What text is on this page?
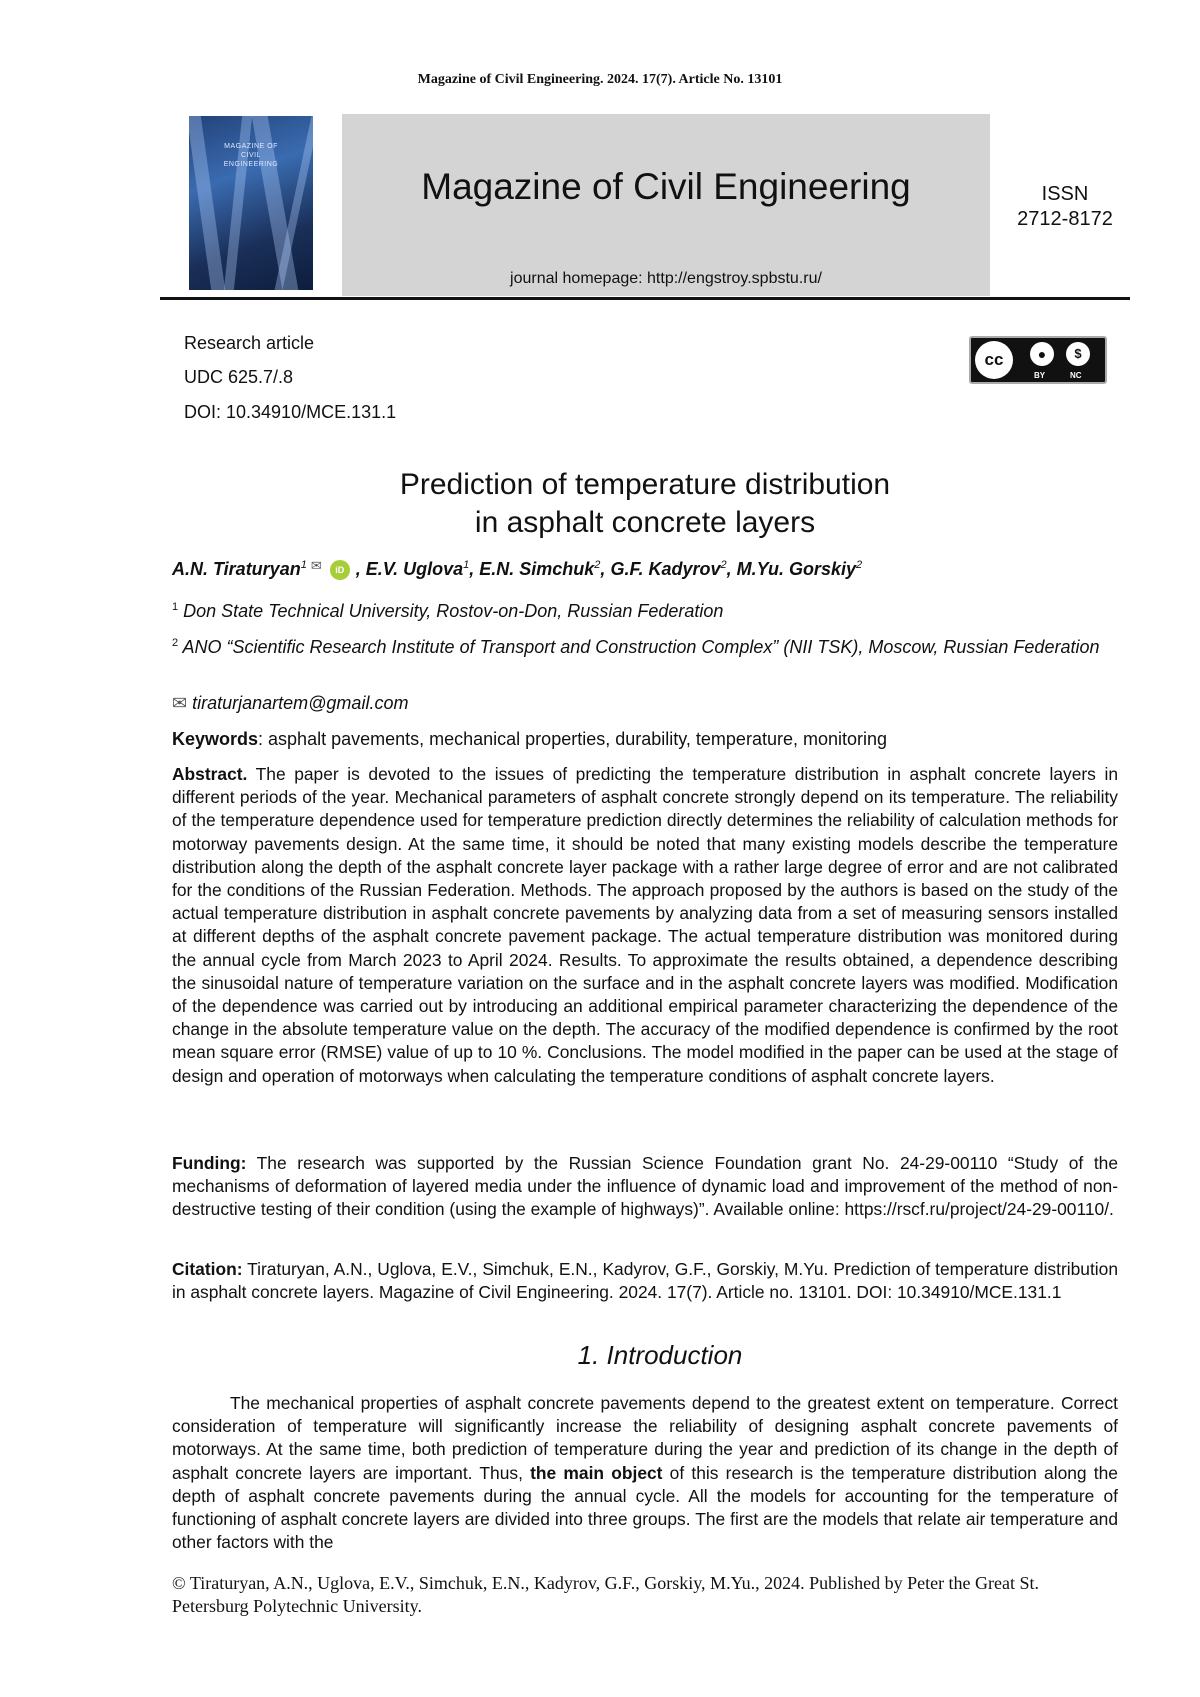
Magazine of Civil Engineering. 2024. 17(7). Article No. 13101
MAGAZINE OF CIVIL ENGINEERING
Magazine of Civil Engineering
journal homepage: http://engstroy.spbstu.ru/
ISSN
2712-8172
Research article
UDC 625.7/.8
DOI: 10.34910/MCE.131.1
cc	●	$
BY	NC
Prediction of temperature distribution
in asphalt concrete layers
A.N. Tiraturyan$^1$ ✉ iD , E.V. Uglova$^1$, E.N. Simchuk$^2$, G.F. Kadyrov$^2$, M.Yu. Gorskiy$^2$
$^1$ Don State Technical University, Rostov-on-Don, Russian Federation
$^2$ ANO “Scientific Research Institute of Transport and Construction Complex” (NII TSK), Moscow, Russian Federation
✉ tiraturjanartem@gmail.com
Keywords: asphalt pavements, mechanical properties, durability, temperature, monitoring
Abstract. The paper is devoted to the issues of predicting the temperature distribution in asphalt concrete layers in different periods of the year. Mechanical parameters of asphalt concrete strongly depend on its temperature. The reliability of the temperature dependence used for temperature prediction directly determines the reliability of calculation methods for motorway pavements design. At the same time, it should be noted that many existing models describe the temperature distribution along the depth of the asphalt concrete layer package with a rather large degree of error and are not calibrated for the conditions of the Russian Federation. Methods. The approach proposed by the authors is based on the study of the actual temperature distribution in asphalt concrete pavements by analyzing data from a set of measuring sensors installed at different depths of the asphalt concrete pavement package. The actual temperature distribution was monitored during the annual cycle from March 2023 to April 2024. Results. To approximate the results obtained, a dependence describing the sinusoidal nature of temperature variation on the surface and in the asphalt concrete layers was modified. Modification of the dependence was carried out by introducing an additional empirical parameter characterizing the dependence of the change in the absolute temperature value on the depth. The accuracy of the modified dependence is confirmed by the root mean square error (RMSE) value of up to 10 %. Conclusions. The model modified in the paper can be used at the stage of design and operation of motorways when calculating the temperature conditions of asphalt concrete layers.
Funding: The research was supported by the Russian Science Foundation grant No. 24-29-00110 “Study of the mechanisms of deformation of layered media under the influence of dynamic load and improvement of the method of non-destructive testing of their condition (using the example of highways)”. Available online: https://rscf.ru/project/24-29-00110/.
Citation: Tiraturyan, A.N., Uglova, E.V., Simchuk, E.N., Kadyrov, G.F., Gorskiy, M.Yu. Prediction of temperature distribution in asphalt concrete layers. Magazine of Civil Engineering. 2024. 17(7). Article no. 13101. DOI: 10.34910/MCE.131.1
1. Introduction
The mechanical properties of asphalt concrete pavements depend to the greatest extent on temperature. Correct consideration of temperature will significantly increase the reliability of designing asphalt concrete pavements of motorways. At the same time, both prediction of temperature during the year and prediction of its change in the depth of asphalt concrete layers are important. Thus, the main object of this research is the temperature distribution along the depth of asphalt concrete pavements during the annual cycle. All the models for accounting for the temperature of functioning of asphalt concrete layers are divided into three groups. The first are the models that relate air temperature and other factors with the
© Tiraturyan, A.N., Uglova, E.V., Simchuk, E.N., Kadyrov, G.F., Gorskiy, M.Yu., 2024. Published by Peter the Great St. Petersburg Polytechnic University.
